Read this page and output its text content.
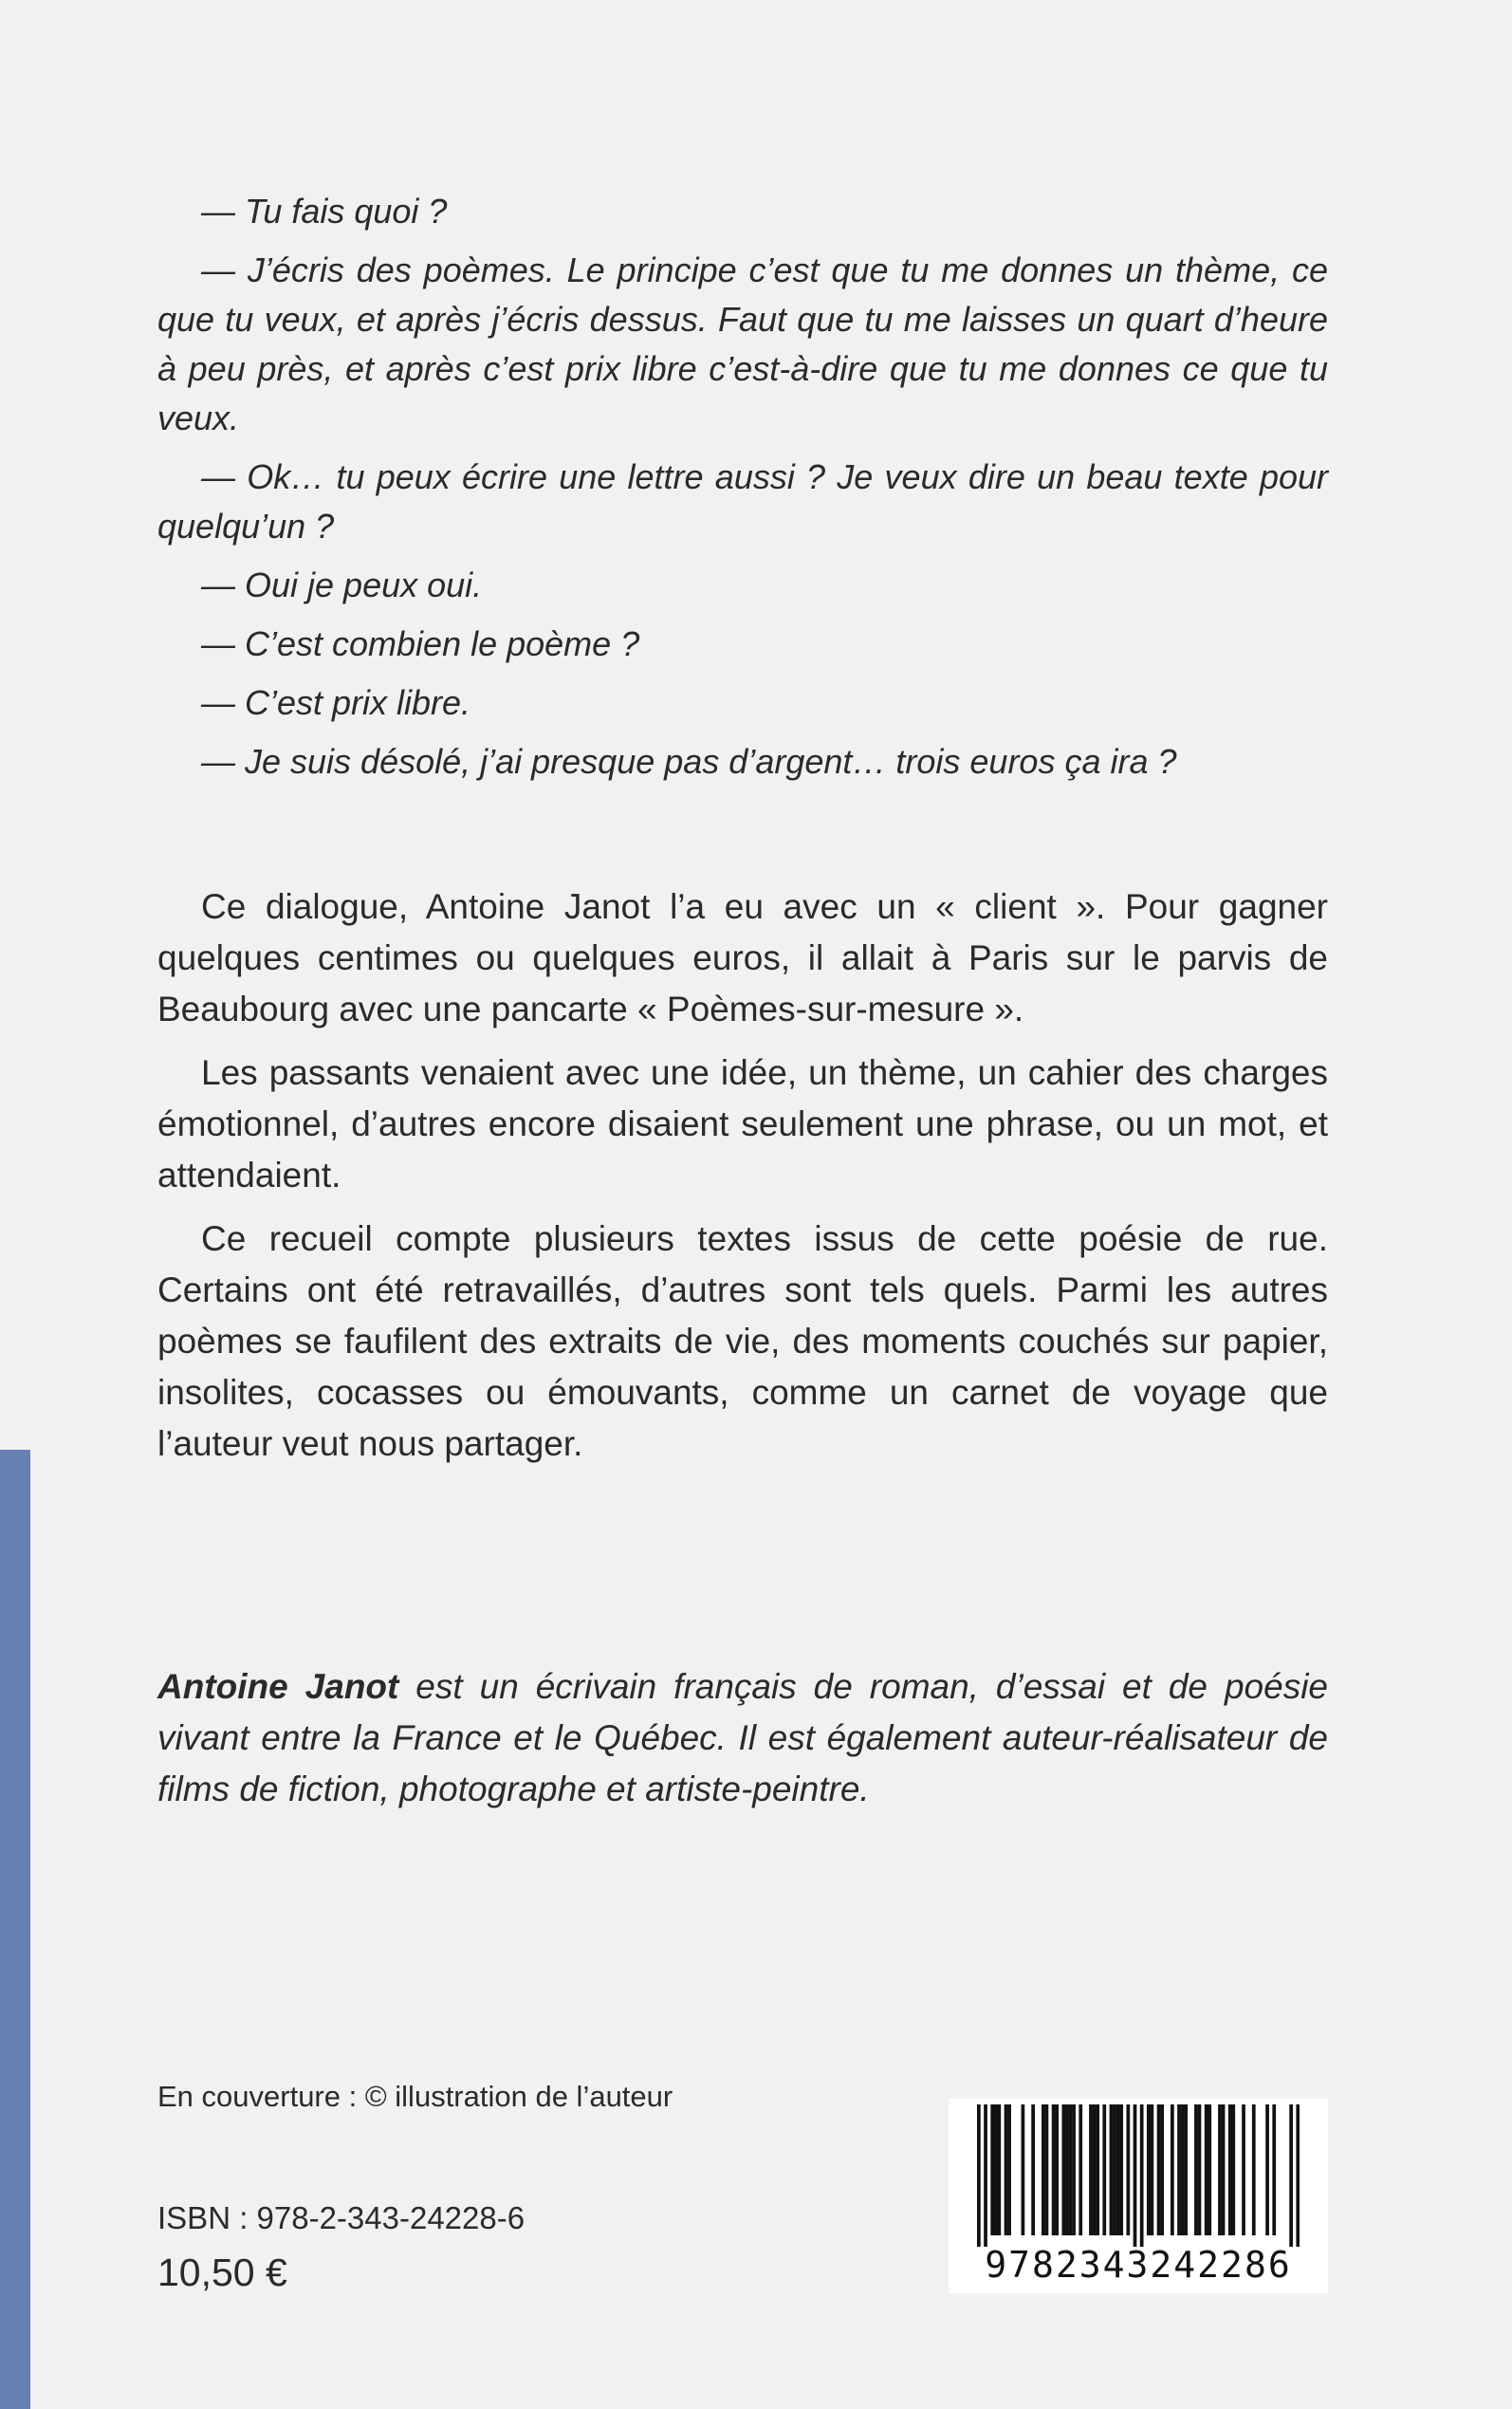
— Tu fais quoi ?

— J’écris des poèmes. Le principe c’est que tu me donnes un thème, ce que tu veux, et après j’écris dessus. Faut que tu me laisses un quart d’heure à peu près, et après c’est prix libre c’est-à-dire que tu me donnes ce que tu veux.

— Ok… tu peux écrire une lettre aussi ? Je veux dire un beau texte pour quelqu’un ?

— Oui je peux oui.

— C’est combien le poème ?

— C’est prix libre.

— Je suis désolé, j’ai presque pas d’argent… trois euros ça ira ?

Ce dialogue, Antoine Janot l’a eu avec un « client ». Pour gagner quelques centimes ou quelques euros, il allait à Paris sur le parvis de Beaubourg avec une pancarte « Poèmes-sur-mesure ».

Les passants venaient avec une idée, un thème, un cahier des charges émotionnel, d’autres encore disaient seulement une phrase, ou un mot, et attendaient.

Ce recueil compte plusieurs textes issus de cette poésie de rue. Certains ont été retravaillés, d’autres sont tels quels. Parmi les autres poèmes se faufilent des extraits de vie, des moments couchés sur papier, insolites, cocasses ou émouvants, comme un carnet de voyage que l’auteur veut nous partager.

Antoine Janot est un écrivain français de roman, d’essai et de poésie vivant entre la France et le Québec. Il est également auteur-réalisateur de films de fiction, photographe et artiste-peintre.

En couverture : © illustration de l’auteur
ISBN : 978-2-343-24228-6
10,50 €	9782343242286
